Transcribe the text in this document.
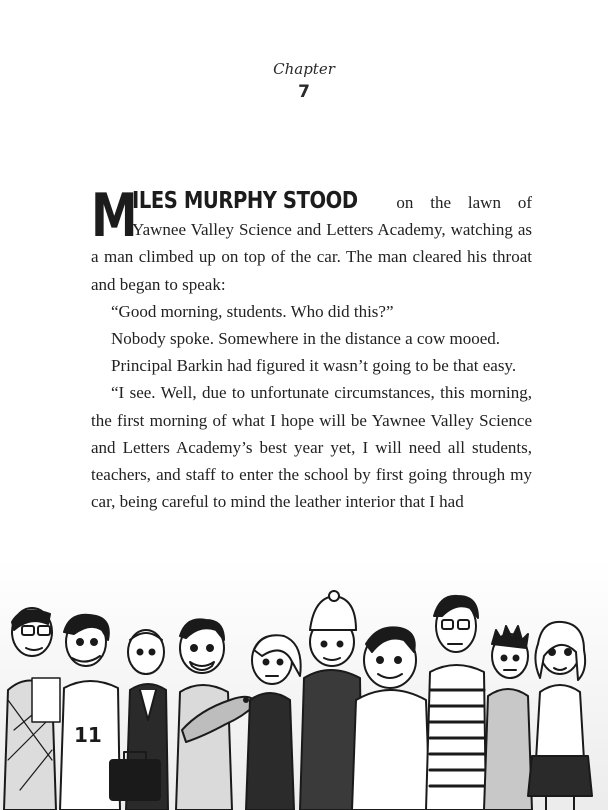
Chapter
7

M
ILES MURPHY STOOD on the lawn of Yawnee Valley Science and Letters Academy, watching as a man climbed up on top of the car. The man cleared his throat and began to speak:

“Good morning, students. Who did this?”

Nobody spoke. Somewhere in the distance a cow mooed.

Principal Barkin had figured it wasn’t going to be that easy.

“I see. Well, due to unfortunate circumstances, this morning, the first morning of what I hope will be Yawnee Valley Science and Letters Academy’s best year yet, I will need all students, teachers, and staff to enter the school by first going through my car, being careful to mind the leather interior that I had

11
